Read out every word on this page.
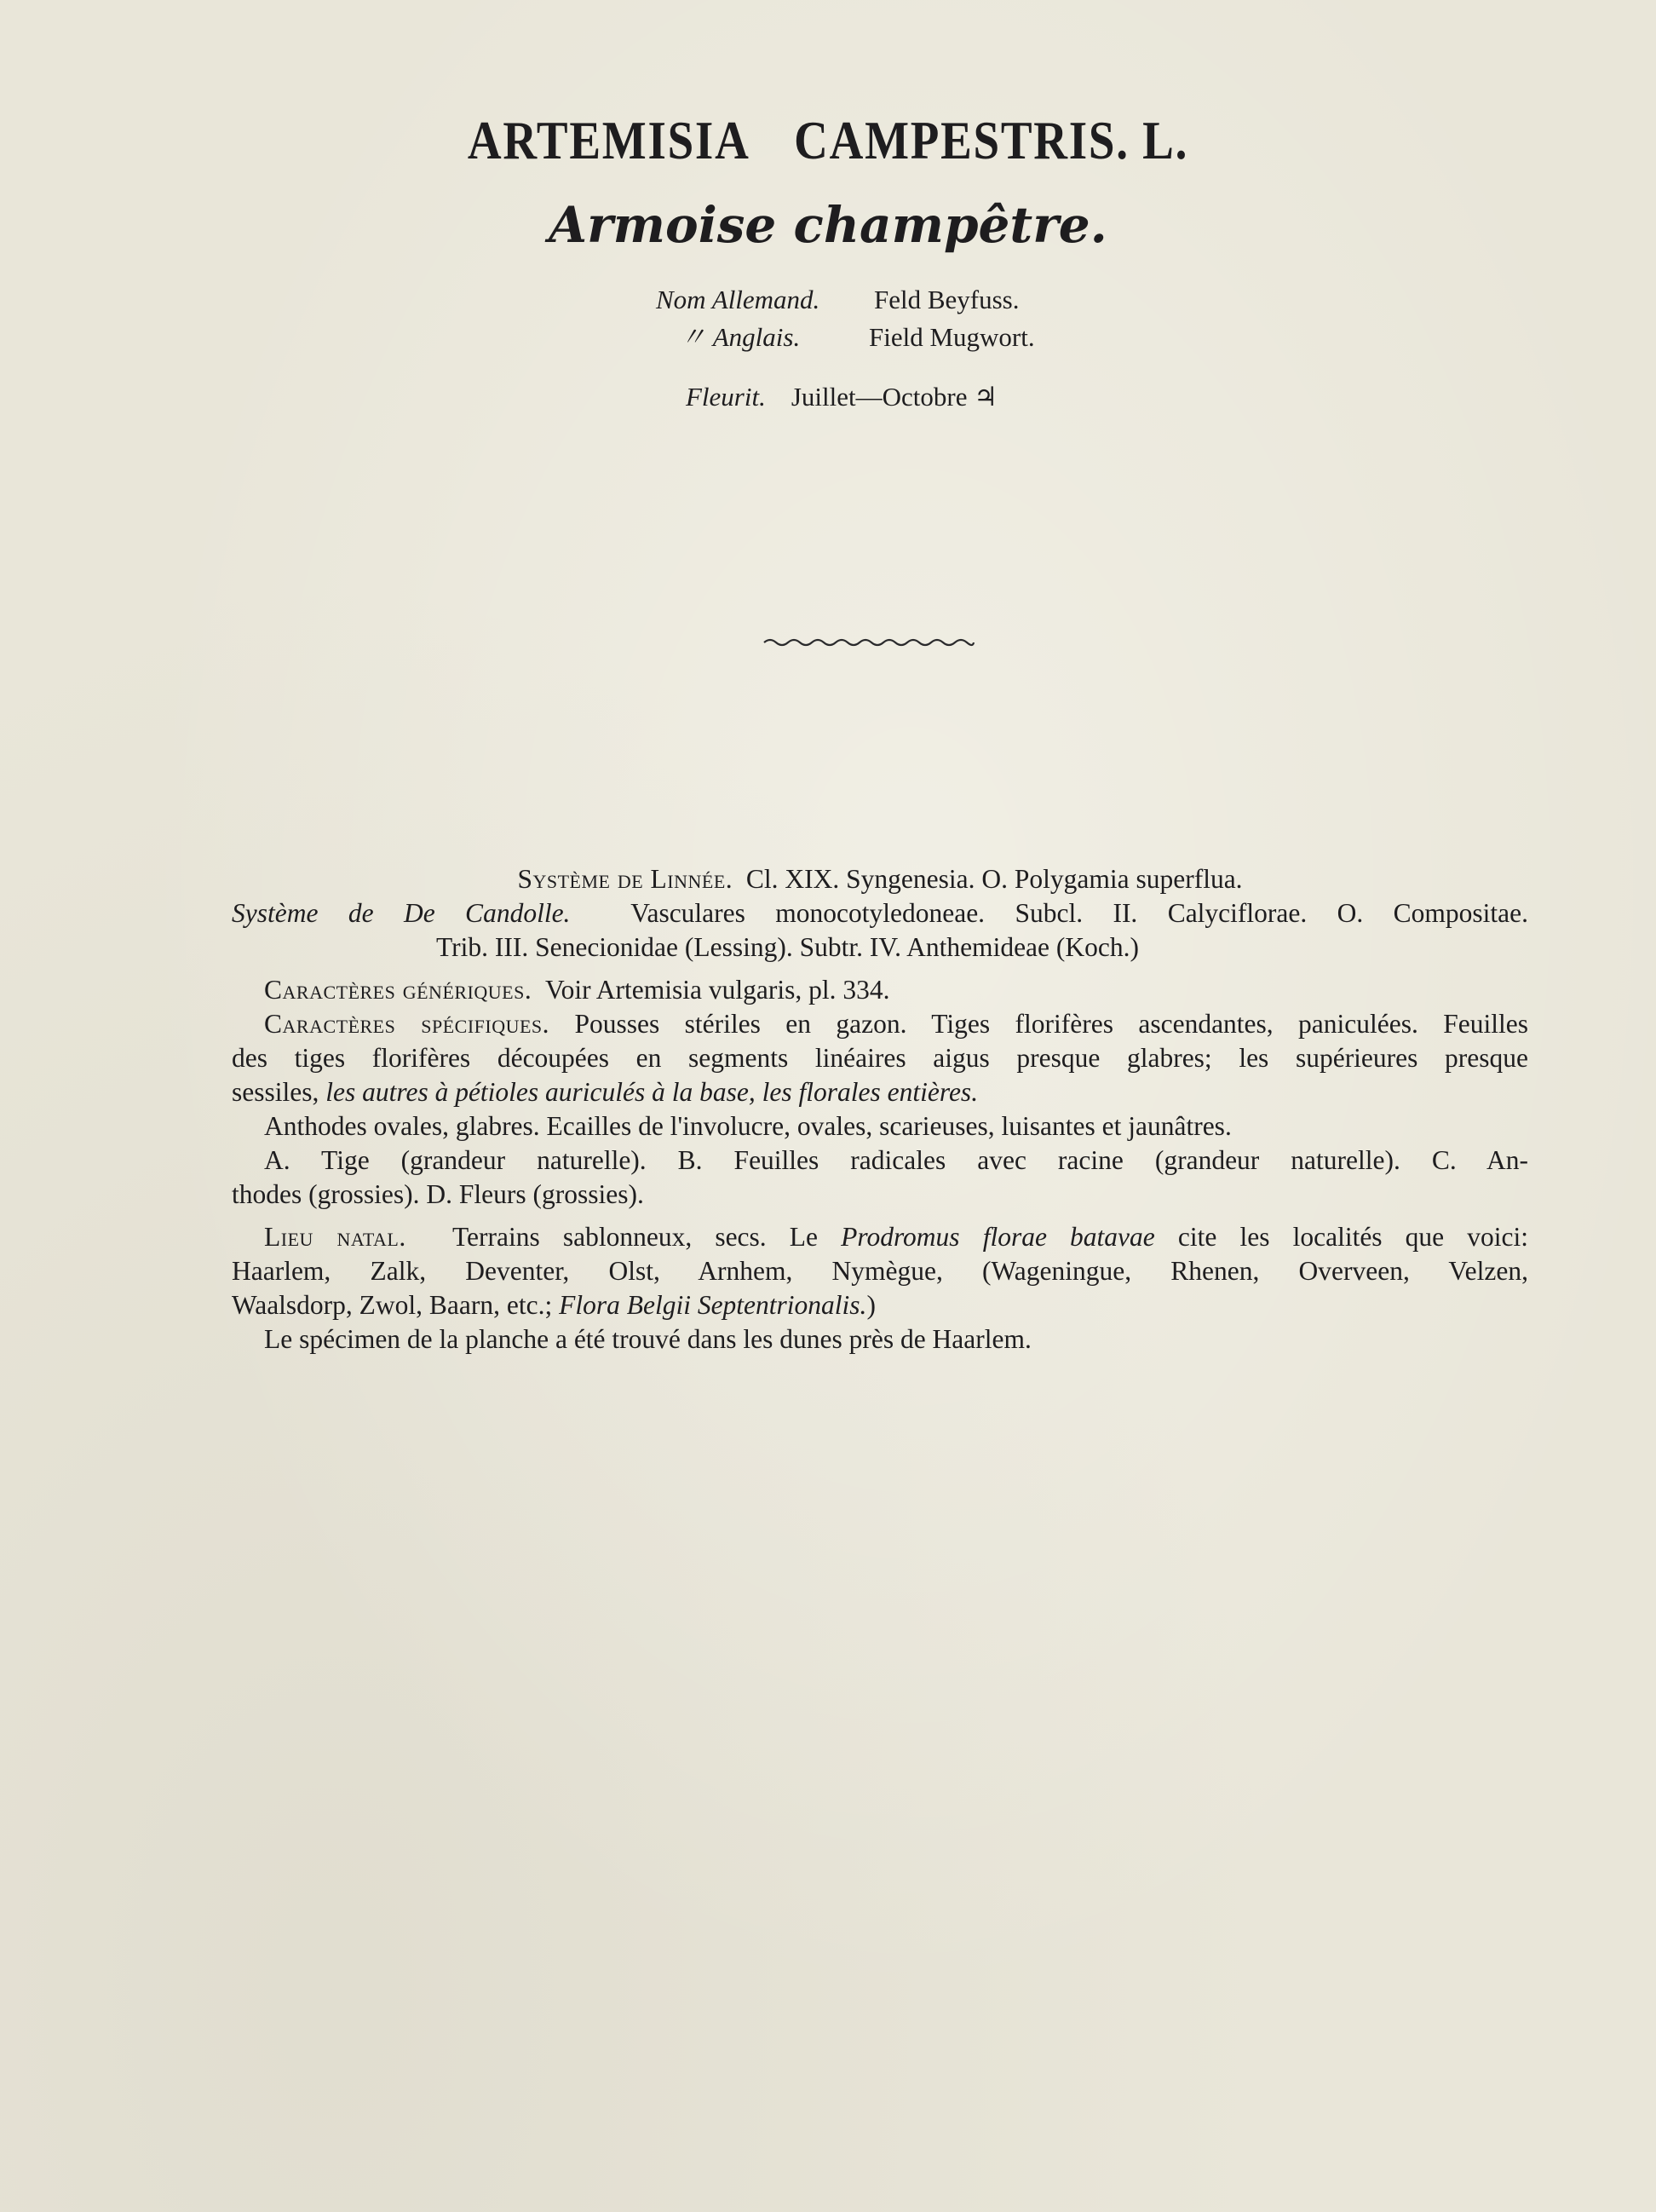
ARTEMISIA CAMPESTRIS. L.
Armoise champêtre.
Nom Allemand. Feld Beyfuss.
〃 Anglais.	Field Mugwort.
Fleurit. Juillet—Octobre ♃
Système de Linnée. Cl. XIX. Syngenesia. O. Polygamia superflua.
Système de De Candolle. Vasculares monocotyledoneae. Subcl. II. Calyciflorae. O. Compositae.
Trib. III. Senecionidae (Lessing). Subtr. IV. Anthemideae (Koch.)
Caractères génériques. Voir Artemisia vulgaris, pl. 334.
Caractères spécifiques. Pousses stériles en gazon. Tiges florifères ascendantes, paniculées. Feuilles
des tiges florifères découpées en segments linéaires aigus presque glabres; les supérieures presque
sessiles, les autres à pétioles auriculés à la base, les florales entières.
Anthodes ovales, glabres. Ecailles de l'involucre, ovales, scarieuses, luisantes et jaunâtres.
A. Tige (grandeur naturelle). B. Feuilles radicales avec racine (grandeur naturelle). C. An-
thodes (grossies). D. Fleurs (grossies).
Lieu natal. Terrains sablonneux, secs. Le Prodromus florae batavae cite les localités que voici:
Haarlem, Zalk, Deventer, Olst, Arnhem, Nymègue, (Wageningue, Rhenen, Overveen, Velzen,
Waalsdorp, Zwol, Baarn, etc.; Flora Belgii Septentrionalis.)
Le spécimen de la planche a été trouvé dans les dunes près de Haarlem.
